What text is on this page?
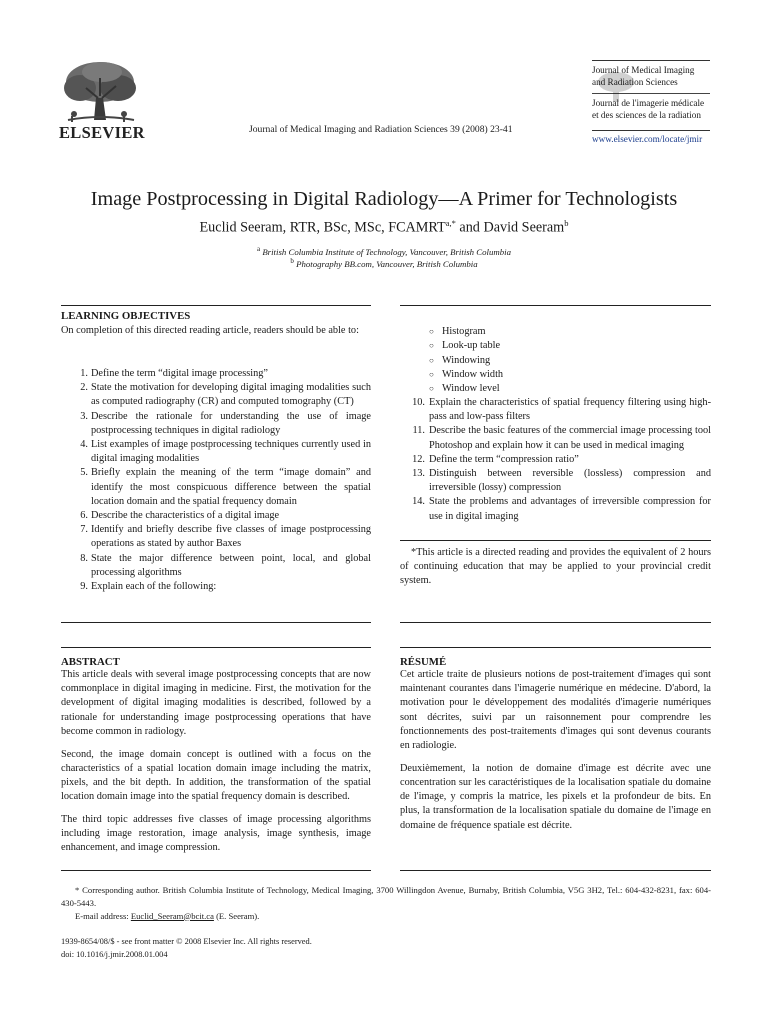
ELSEVIER	Journal of Medical Imaging and Radiation Sciences 39 (2008) 23-41
Journal of Medical Imaging
and Radiation Sciences
Journal de l'imagerie médicale
et des sciences de la radiation
www.elsevier.com/locate/jmir
Image Postprocessing in Digital Radiology—A Primer for Technologists
Euclid Seeram, RTR, BSc, MSc, $FCAMRT^{a,*}$ and David Seeram$^b$
$^a$ British Columbia Institute of Technology, Vancouver, British Columbia
$^b$ Photography BB.com, Vancouver, British Columbia
LEARNING OBJECTIVES
On completion of this directed reading article, readers should be able to:
1. Define the term “digital image processing”
2. State the motivation for developing digital imaging modalities such as computed radiography (CR) and computed tomography (CT)
3. Describe the rationale for understanding the use of image postprocessing techniques in digital radiology
4. List examples of image postprocessing techniques currently used in digital imaging modalities
5. Briefly explain the meaning of the term “image domain” and identify the most conspicuous difference between the spatial location domain and the spatial frequency domain
6. Describe the characteristics of a digital image
7. Identify and briefly describe five classes of image postprocessing operations as stated by author Baxes
8. State the major difference between point, local, and global processing algorithms
9. Explain each of the following:
○ Histogram
○ Look-up table
○ Windowing
○ Window width
○ Window level
10. Explain the characteristics of spatial frequency filtering using high-pass and low-pass filters
11. Describe the basic features of the commercial image processing tool Photoshop and explain how it can be used in medical imaging
12. Define the term “compression ratio”
13. Distinguish between reversible (lossless) compression and irreversible (lossy) compression
14. State the problems and advantages of irreversible compression for use in digital imaging
*This article is a directed reading and provides the equivalent of 2 hours of continuing education that may be applied to your provincial credit system.
ABSTRACT

This article deals with several image postprocessing concepts that are now commonplace in digital imaging in medicine. First, the motivation for the development of digital imaging modalities is described, followed by a rationale for understanding image postprocessing operations that have become common in radiology.

Second, the image domain concept is outlined with a focus on the characteristics of a spatial location domain image including the matrix, pixels, and the bit depth. In addition, the transformation of the spatial location domain image into the spatial frequency domain is described.

The third topic addresses five classes of image processing algorithms including image restoration, image analysis, image synthesis, image enhancement, and image compression.

RÉSUMÉ

Cet article traite de plusieurs notions de post-traitement d'images qui sont maintenant courantes dans l'imagerie numérique en médecine. D'abord, la motivation pour le développement des modalités d'imagerie numériques sont décrites, suivi par un raisonnement pour comprendre les fonctionnements des post-traitements d'images qui sont devenus courants en radiologie.

Deuxièmement, la notion de domaine d'image est décrite avec une concentration sur les caractéristiques de la localisation spatiale du domaine de l'image, y compris la matrice, les pixels et la profondeur de bits. En plus, la transformation de la localisation spatiale du domaine de l'image en domaine de fréquence spatiale est décrite.

* Corresponding author. British Columbia Institute of Technology, Medical Imaging, 3700 Willingdon Avenue, Burnaby, British Columbia, V5G 3H2, Tel.: 604-432-8231, fax: 604-430-5443.
E-mail address: Euclid_Seeram@bcit.ca (E. Seeram).
1939-8654/08/$ - see front matter © 2008 Elsevier Inc. All rights reserved.
doi: 10.1016/j.jmir.2008.01.004
